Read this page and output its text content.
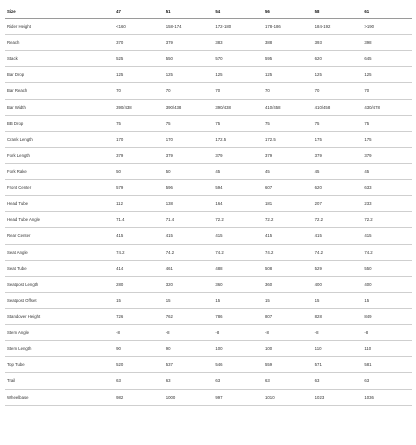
Size	47	51	54	56	58	61
Rider Height	<160	158-174	172-180	178-186	184-192	>190
Reach	370	379	383	388	393	398
Stack	525	550	570	595	620	645
Bar Drop	125	125	125	125	125	125
Bar Reach	70	70	70	70	70	70
Bar Width	390/438	390/438	390/438	410/458	410/458	430/478
BB Drop	75	75	75	75	75	75
Crank Length	170	170	172.5	172.5	175	175
Fork Length	379	379	379	379	379	379
Fork Rake	50	50	45	45	45	45
Front Center	579	596	594	607	620	633
Head Tube	112	138	164	181	207	233
Head Tube Angle	71.4	71.4	72.2	72.2	72.2	72.2
Rear Center	415	415	415	415	415	415
Seat Angle	74.2	74.2	74.2	74.2	74.2	74.2
Seat Tube	414	461	488	508	529	550
Seatpost Length	280	320	360	360	400	400
Seatpost Offset	15	15	15	15	15	15
Standover Height	726	762	786	807	828	849
Stem Angle	-8	-8	-8	-8	-8	-8
Stem Length	90	90	100	100	110	110
Top Tube	520	537	546	559	571	581
Trail	63	63	63	63	63	63
Wheelbase	982	1000	997	1010	1023	1036
